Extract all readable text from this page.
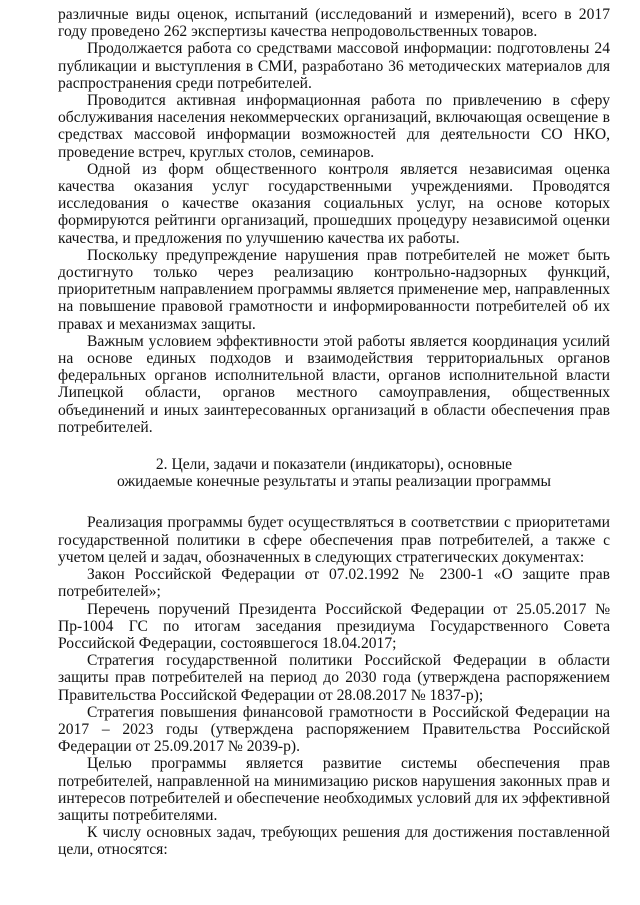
различные виды оценок, испытаний (исследований и измерений), всего в 2017 году проведено 262 экспертизы качества непродовольственных товаров.

Продолжается работа со средствами массовой информации: подготовлены 24 публикации и выступления в СМИ, разработано 36 методических материалов для распространения среди потребителей.

Проводится активная информационная работа по привлечению в сферу обслуживания населения некоммерческих организаций, включающая освещение в средствах массовой информации возможностей для деятельности СО НКО, проведение встреч, круглых столов, семинаров.

Одной из форм общественного контроля является независимая оценка качества оказания услуг государственными учреждениями. Проводятся исследования о качестве оказания социальных услуг, на основе которых формируются рейтинги организаций, прошедших процедуру независимой оценки качества, и предложения по улучшению качества их работы.

Поскольку предупреждение нарушения прав потребителей не может быть достигнуто только через реализацию контрольно-надзорных функций, приоритетным направлением программы является применение мер, направленных на повышение правовой грамотности и информированности потребителей об их правах и механизмах защиты.

Важным условием эффективности этой работы является координация усилий на основе единых подходов и взаимодействия территориальных органов федеральных органов исполнительной власти, органов исполнительной власти Липецкой области, органов местного самоуправления, общественных объединений и иных заинтересованных организаций в области обеспечения прав потребителей.

2. Цели, задачи и показатели (индикаторы), основные
ожидаемые конечные результаты и этапы реализации программы

Реализация программы будет осуществляться в соответствии с приоритетами государственной политики в сфере обеспечения прав потребителей, а также с учетом целей и задач, обозначенных в следующих стратегических документах:

Закон Российской Федерации от 07.02.1992 № 2300-1 «О защите прав потребителей»;

Перечень поручений Президента Российской Федерации от 25.05.2017 № Пр-1004 ГС по итогам заседания президиума Государственного Совета Российской Федерации, состоявшегося 18.04.2017;

Стратегия государственной политики Российской Федерации в области защиты прав потребителей на период до 2030 года (утверждена распоряжением Правительства Российской Федерации от 28.08.2017 № 1837-р);

Стратегия повышения финансовой грамотности в Российской Федерации на 2017 – 2023 годы (утверждена распоряжением Правительства Российской Федерации от 25.09.2017 № 2039-р).

Целью программы является развитие системы обеспечения прав потребителей, направленной на минимизацию рисков нарушения законных прав и интересов потребителей и обеспечение необходимых условий для их эффективной защиты потребителями.

К числу основных задач, требующих решения для достижения поставленной цели, относятся:
